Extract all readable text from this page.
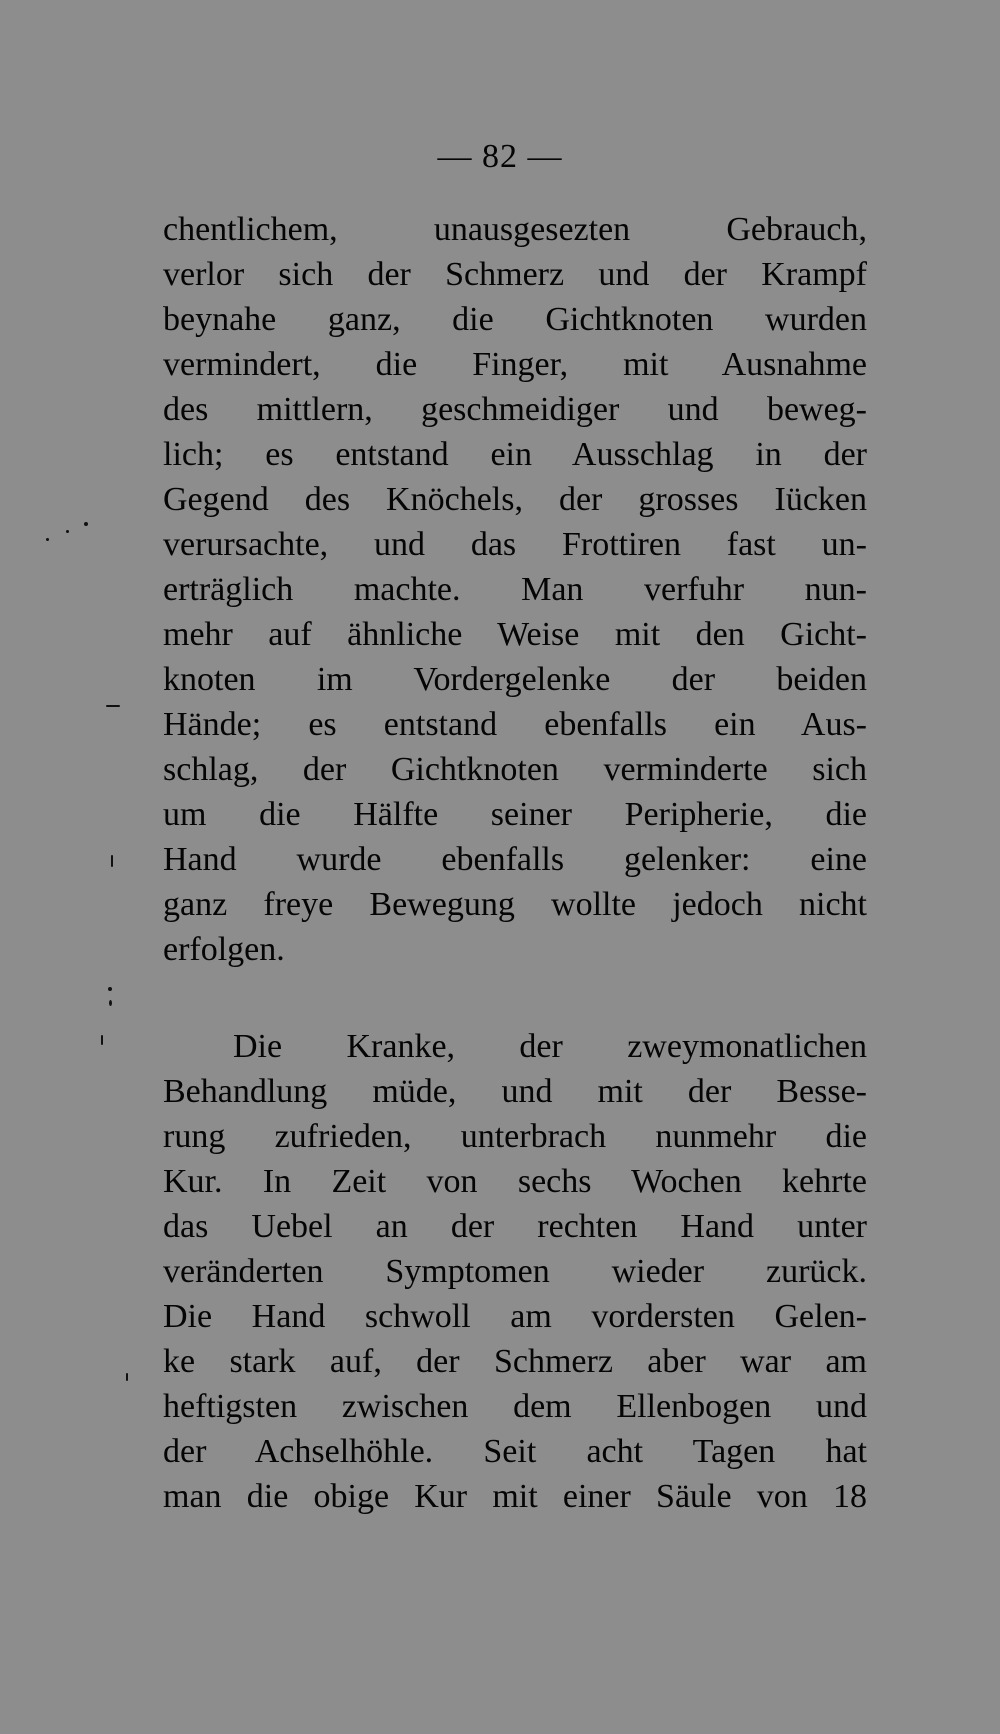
— 82 —
chentlichem, unausgesezten Gebrauch,
verlor sich der Schmerz und der Krampf
beynahe ganz, die Gichtknoten wurden
vermindert, die Finger, mit Ausnahme
des mittlern, geschmeidiger und beweg-
lich; es entstand ein Ausschlag in der
Gegend des Knöchels, der grosses Iücken
verursachte, und das Frottiren fast un-
erträglich machte. Man verfuhr nun-
mehr auf ähnliche Weise mit den Gicht-
knoten im Vordergelenke der beiden
Hände; es entstand ebenfalls ein Aus-
schlag, der Gichtknoten verminderte sich
um die Hälfte seiner Peripherie, die
Hand wurde ebenfalls gelenker: eine
ganz freye Bewegung wollte jedoch nicht
erfolgen.
Die Kranke, der zweymonatlichen
Behandlung müde, und mit der Besse-
rung zufrieden, unterbrach nunmehr die
Kur. In Zeit von sechs Wochen kehrte
das Uebel an der rechten Hand unter
veränderten Symptomen wieder zurück.
Die Hand schwoll am vordersten Gelen-
ke stark auf, der Schmerz aber war am
heftigsten zwischen dem Ellenbogen und
der Achselhöhle. Seit acht Tagen hat
man die obige Kur mit einer Säule von 18
